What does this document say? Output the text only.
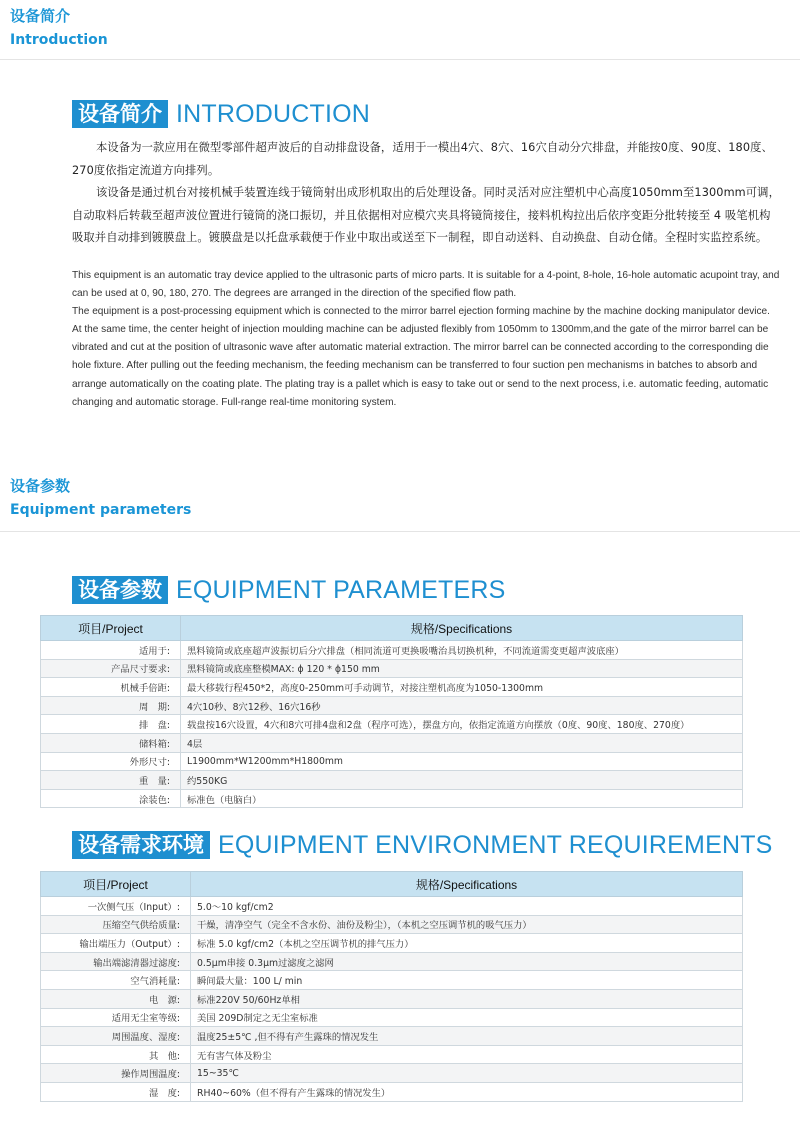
设备简介
Introduction
设备简介 INTRODUCTION

本设备为一款应用在微型零部件超声波后的自动排盘设备，适用于一模出4穴、8穴、16穴自动分穴排盘，并能按0度、90度、180度、270度依指定流道方向排列。

该设备是通过机台对接机械手装置连线于镜筒射出成形机取出的后处理设备。同时灵活对应注塑机中心高度1050mm至1300mm可调，自动取料后转载至超声波位置进行镜筒的浇口振切，并且依据相对应模穴夹具将镜筒接住，接料机构拉出后依序变距分批转接至 4 吸笔机构吸取并自动排到镀膜盘上。镀膜盘是以托盘承载便于作业中取出或送至下一制程，即自动送料、自动换盘、自动仓储。全程时实监控系统。

This equipment is an automatic tray device applied to the ultrasonic parts of micro parts. It is suitable for a 4-point, 8-hole, 16-hole automatic acupoint tray, and can be used at 0, 90, 180, 270. The degrees are arranged in the direction of the specified flow path.

The equipment is a post-processing equipment which is connected to the mirror barrel ejection forming machine by the machine docking manipulator device. At the same time, the center height of injection moulding machine can be adjusted flexibly from 1050mm to 1300mm,and the gate of the mirror barrel can be vibrated and cut at the position of ultrasonic wave after automatic material extraction. The mirror barrel can be connected according to the corresponding die hole fixture. After pulling out the feeding mechanism, the feeding mechanism can be transferred to four suction pen mechanisms in batches to absorb and arrange automatically on the coating plate. The plating tray is a pallet which is easy to take out or send to the next process, i.e. automatic feeding, automatic changing and automatic storage. Full-range real-time monitoring system.

设备参数
Equipment parameters
设备参数 EQUIPMENT PARAMETERS
项目/Project	规格/Specifications
适用于:	黑料镜筒或底座超声波振切后分穴排盘（相同流道可更换吸嘴治具切换机种，不同流道需变更超声波底座）
产品尺寸要求:	黑料镜筒或底座整模MAX: ϕ 120 * ϕ150 mm
机械手倍距:	最大移载行程450*2，高度0-250mm可手动调节，对接注塑机高度为1050-1300mm
周　期:	4穴10秒、8穴12秒、16穴16秒
排　盘:	载盘按16穴设置，4穴和8穴可排4盘和2盘（程序可选），摆盘方向，依指定流道方向摆放（0度、90度、180度、270度）
储料箱:	4层
外形尺寸:	L1900mm*W1200mm*H1800mm
重　量:	约550KG
涂装色:	标准色（电脑白）
设备需求环境 EQUIPMENT ENVIRONMENT REQUIREMENTS
项目/Project	规格/Specifications
一次侧气压（Input）:	5.0～10 kgf/cm2
压缩空气供给质量:	干燥，清净空气（完全不含水份、油份及粉尘），（本机之空压调节机的吸气压力）
输出端压力（Output）:	标准 5.0 kgf/cm2（本机之空压调节机的排气压力）
输出端滤清器过滤度:	0.5μm串接 0.3μm过滤度之滤网
空气消耗量:	瞬间最大量：100 L/ min
电　源:	标准220V 50/60Hz单相
适用无尘室等级:	美国 209D制定之无尘室标准
周围温度、湿度:	温度25±5℃ ,但不得有产生露珠的情况发生
其　他:	无有害气体及粉尘
操作周围温度:	15~35℃
湿　度:	RH40~60%（但不得有产生露珠的情况发生）
